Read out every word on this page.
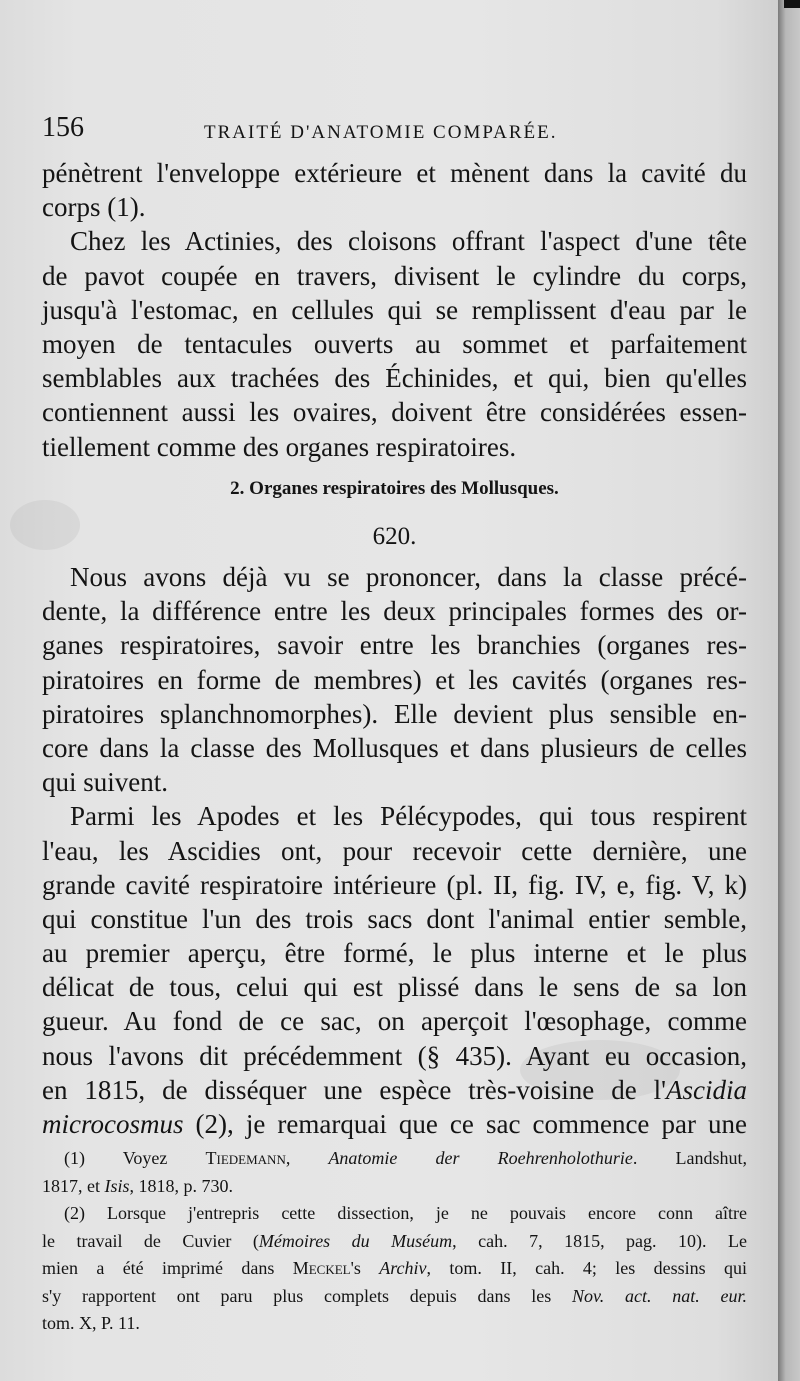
156	TRAITÉ D'ANATOMIE COMPARÉE.
pénètrent l'enveloppe extérieure et mènent dans la cavité du
corps (1).
Chez les Actinies, des cloisons offrant l'aspect d'une tête
de pavot coupée en travers, divisent le cylindre du corps,
jusqu'à l'estomac, en cellules qui se remplissent d'eau par le
moyen de tentacules ouverts au sommet et parfaitement
semblables aux trachées des Échinides, et qui, bien qu'elles
contiennent aussi les ovaires, doivent être considérées essen-
tiellement comme des organes respiratoires.
2. Organes respiratoires des Mollusques.
620.
Nous avons déjà vu se prononcer, dans la classe précé-
dente, la différence entre les deux principales formes des or-
ganes respiratoires, savoir entre les branchies (organes res-
piratoires en forme de membres) et les cavités (organes res-
piratoires splanchnomorphes). Elle devient plus sensible en-
core dans la classe des Mollusques et dans plusieurs de celles
qui suivent.
Parmi les Apodes et les Pélécypodes, qui tous respirent
l'eau, les Ascidies ont, pour recevoir cette dernière, une
grande cavité respiratoire intérieure (pl. II, fig. IV, e, fig. V, k)
qui constitue l'un des trois sacs dont l'animal entier semble,
au premier aperçu, être formé, le plus interne et le plus
délicat de tous, celui qui est plissé dans le sens de sa lon
gueur. Au fond de ce sac, on aperçoit l'œsophage, comme
nous l'avons dit précédemment (§ 435). Ayant eu occasion,
en 1815, de disséquer une espèce très-voisine de l'Ascidia
microcosmus (2), je remarquai que ce sac commence par une
(1) Voyez Tiedemann, Anatomie der Roehrenholothurie. Landshut,
1817, et Isis, 1818, p. 730.
(2) Lorsque j'entrepris cette dissection, je ne pouvais encore conn aître
le travail de Cuvier (Mémoires du Muséum, cah. 7, 1815, pag. 10). Le
mien a été imprimé dans Meckel's Archiv, tom. II, cah. 4; les dessins qui
s'y rapportent ont paru plus complets depuis dans les Nov. act. nat. eur.
tom. X, P. 11.
